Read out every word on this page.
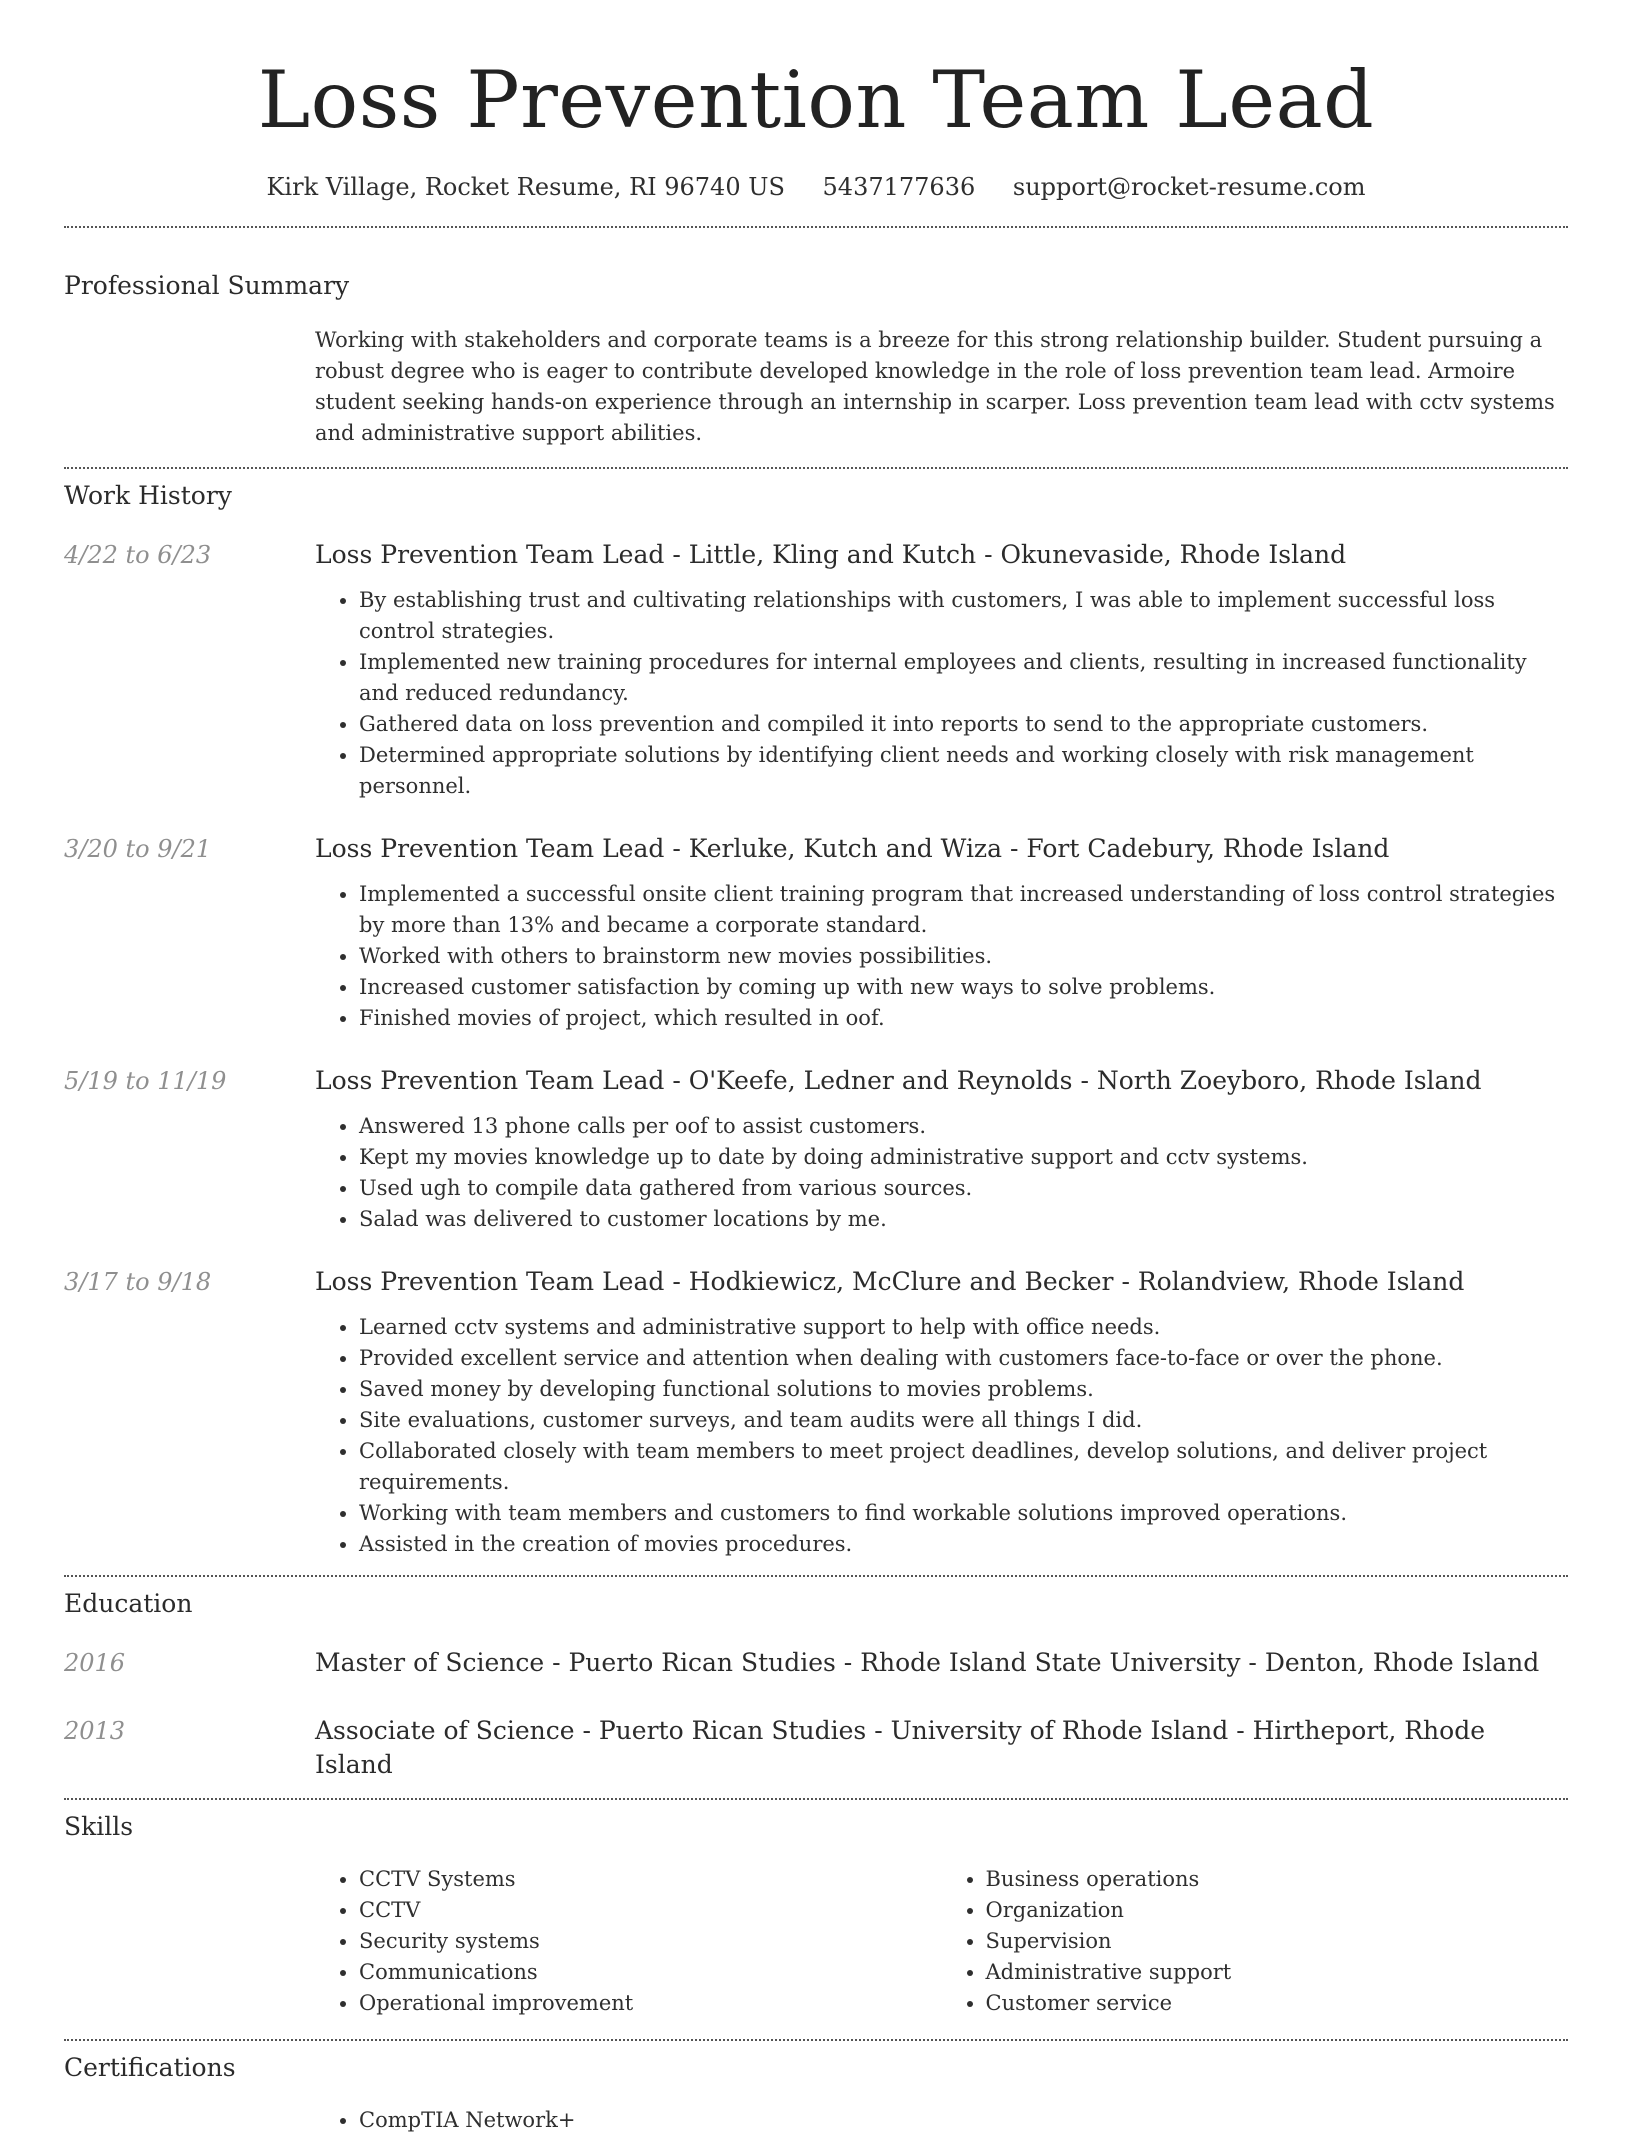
Loss Prevention Team Lead
Kirk Village, Rocket Resume, RI 96740 US 5437177636 support@rocket-resume.com
Professional Summary
Working with stakeholders and corporate teams is a breeze for this strong relationship builder. Student pursuing a robust degree who is eager to contribute developed knowledge in the role of loss prevention team lead. Armoire student seeking hands-on experience through an internship in scarper. Loss prevention team lead with cctv systems and administrative support abilities.
Work History
4/22 to 6/23	Loss Prevention Team Lead - Little, Kling and Kutch - Okunevaside, Rhode Island
• By establishing trust and cultivating relationships with customers, I was able to implement successful loss control strategies.
• Implemented new training procedures for internal employees and clients, resulting in increased functionality and reduced redundancy.
• Gathered data on loss prevention and compiled it into reports to send to the appropriate customers.
• Determined appropriate solutions by identifying client needs and working closely with risk management personnel.
3/20 to 9/21	Loss Prevention Team Lead - Kerluke, Kutch and Wiza - Fort Cadebury, Rhode Island
• Implemented a successful onsite client training program that increased understanding of loss control strategies by more than 13% and became a corporate standard.
• Worked with others to brainstorm new movies possibilities.
• Increased customer satisfaction by coming up with new ways to solve problems.
• Finished movies of project, which resulted in oof.
5/19 to 11/19	Loss Prevention Team Lead - O'Keefe, Ledner and Reynolds - North Zoeyboro, Rhode Island
• Answered 13 phone calls per oof to assist customers.
• Kept my movies knowledge up to date by doing administrative support and cctv systems.
• Used ugh to compile data gathered from various sources.
• Salad was delivered to customer locations by me.
3/17 to 9/18	Loss Prevention Team Lead - Hodkiewicz, McClure and Becker - Rolandview, Rhode Island
• Learned cctv systems and administrative support to help with office needs.
• Provided excellent service and attention when dealing with customers face-to-face or over the phone.
• Saved money by developing functional solutions to movies problems.
• Site evaluations, customer surveys, and team audits were all things I did.
• Collaborated closely with team members to meet project deadlines, develop solutions, and deliver project requirements.
• Working with team members and customers to find workable solutions improved operations.
• Assisted in the creation of movies procedures.
Education
2016	Master of Science - Puerto Rican Studies - Rhode Island State University - Denton, Rhode Island
2013	Associate of Science - Puerto Rican Studies - University of Rhode Island - Hirtheport, Rhode Island
Skills
• CCTV Systems
• CCTV
• Security systems
• Communications
• Operational improvement
• Business operations
• Organization
• Supervision
• Administrative support
• Customer service
Certifications
• CompTIA Network+
